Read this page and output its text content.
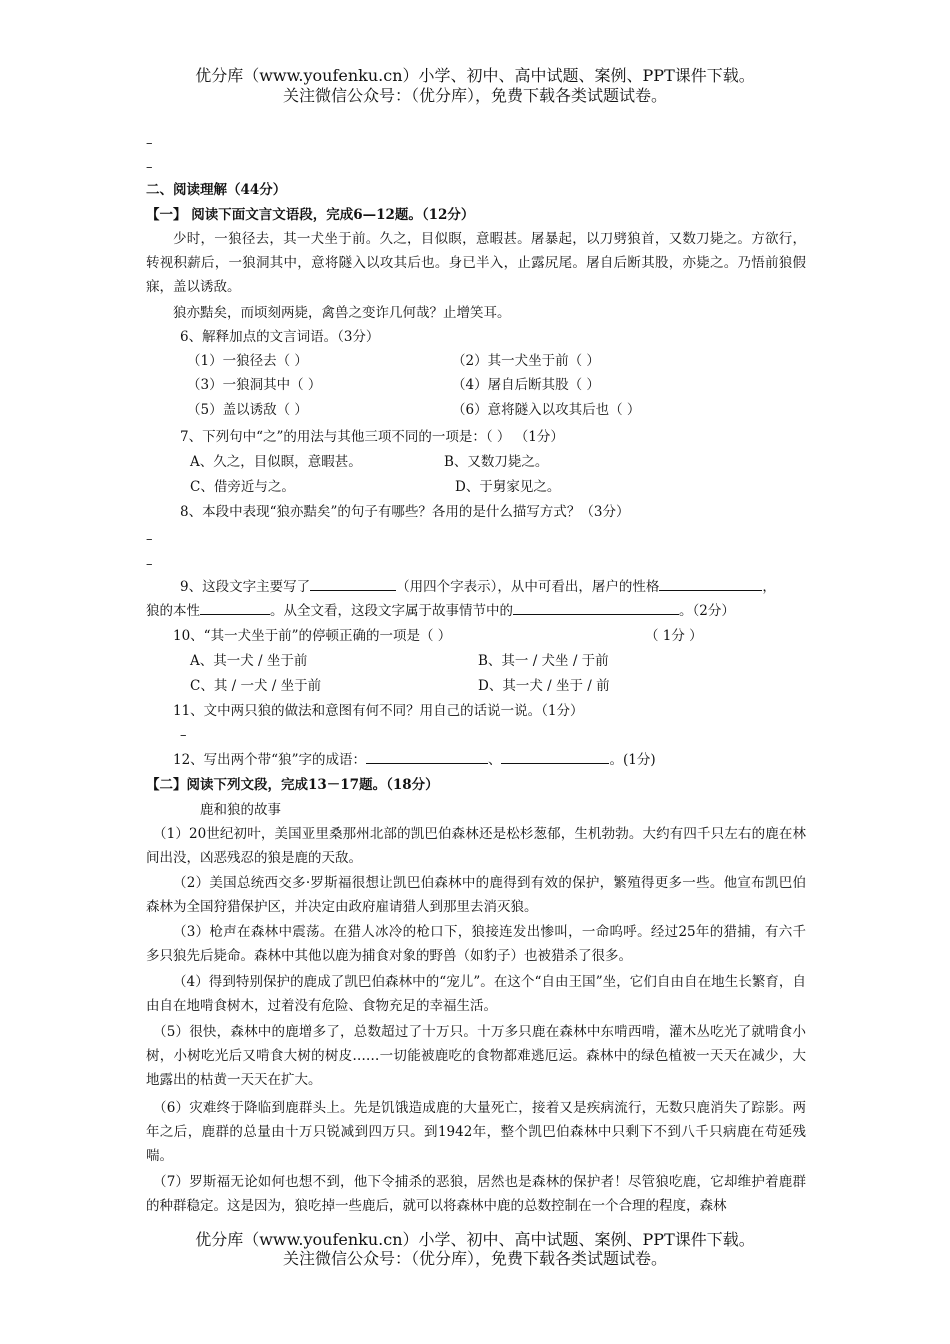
优分库（www.youfenku.cn）小学、初中、高中试题、案例、PPT课件下载。
关注微信公众号：（优分库），免费下载各类试题试卷。
–
–
二、阅读理解（44分）
【一】 阅读下面文言文语段，完成6—12题。（12分）
少时，一狼径去，其一犬坐于前。久之，目似瞑，意暇甚。屠暴起，以刀劈狼首，又数刀毙之。方欲行，转视积薪后，一狼洞其中，意将隧入以攻其后也。身已半入，止露尻尾。屠自后断其股，亦毙之。乃悟前狼假寐，盖以诱敌。
狼亦黠矣，而顷刻两毙，禽兽之变诈几何哉？止增笑耳。
6、解释加点的文言词语。（3分）
（1）一狼径去（ ）	（2）其一犬坐于前（ ）
（3）一狼洞其中（ ）	（4）屠自后断其股（ ）
（5）盖以诱敌（ ）	（6）意将隧入以攻其后也（ ）
7、下列句中“之”的用法与其他三项不同的一项是：（ ） （1分）
A、久之，目似瞑，意暇甚。	B、又数刀毙之。
C、借旁近与之。	D、于舅家见之。
8、本段中表现“狼亦黠矣”的句子有哪些？各用的是什么描写方式？（3分）
–
–
9、这段文字主要写了	（用四个字表示），从中可看出，屠户的性格	，
狼的本性	。从全文看，这段文字属于故事情节中的	。（2分）
10、“其一犬坐于前”的停顿正确的一项是（ ）	（ 1分 ）
A、其一犬 / 坐于前	B、其一 / 犬坐 / 于前
C、其 / 一犬 / 坐于前	D、其一犬 / 坐于 / 前
11、文中两只狼的做法和意图有何不同？用自己的话说一说。（1分）
–
12、写出两个带“狼”字的成语：	、	。(1分)
【二】阅读下列文段，完成13－17题。（18分）
鹿和狼的故事
（1）20世纪初叶，美国亚里桑那州北部的凯巴伯森林还是松杉葱郁，生机勃勃。大约有四千只左右的鹿在林间出没，凶恶残忍的狼是鹿的天敌。
（2）美国总统西交多·罗斯福很想让凯巴伯森林中的鹿得到有效的保护，繁殖得更多一些。他宣布凯巴伯森林为全国狩猎保护区，并决定由政府雇请猎人到那里去消灭狼。
（3）枪声在森林中震荡。在猎人冰冷的枪口下，狼接连发出惨叫，一命呜呼。经过25年的猎捕，有六千多只狼先后毙命。森林中其他以鹿为捕食对象的野兽（如豹子）也被猎杀了很多。
（4）得到特别保护的鹿成了凯巴伯森林中的“宠儿”。在这个“自由王国”坐，它们自由自在地生长繁育，自由自在地啃食树木，过着没有危险、食物充足的幸福生活。
（5）很快，森林中的鹿增多了，总数超过了十万只。十万多只鹿在森林中东啃西啃，灌木丛吃光了就啃食小树，小树吃光后又啃食大树的树皮……一切能被鹿吃的食物都难逃厄运。森林中的绿色植被一天天在减少，大地露出的枯黄一天天在扩大。
（6）灾难终于降临到鹿群头上。先是饥饿造成鹿的大量死亡，接着又是疾病流行，无数只鹿消失了踪影。两年之后，鹿群的总量由十万只锐减到四万只。到1942年，整个凯巴伯森林中只剩下不到八千只病鹿在苟延残喘。
（7）罗斯福无论如何也想不到，他下令捕杀的恶狼，居然也是森林的保护者！尽管狼吃鹿，它却维护着鹿群的种群稳定。这是因为，狼吃掉一些鹿后，就可以将森林中鹿的总数控制在一个合理的程度，森林
优分库（www.youfenku.cn）小学、初中、高中试题、案例、PPT课件下载。
关注微信公众号：（优分库），免费下载各类试题试卷。
